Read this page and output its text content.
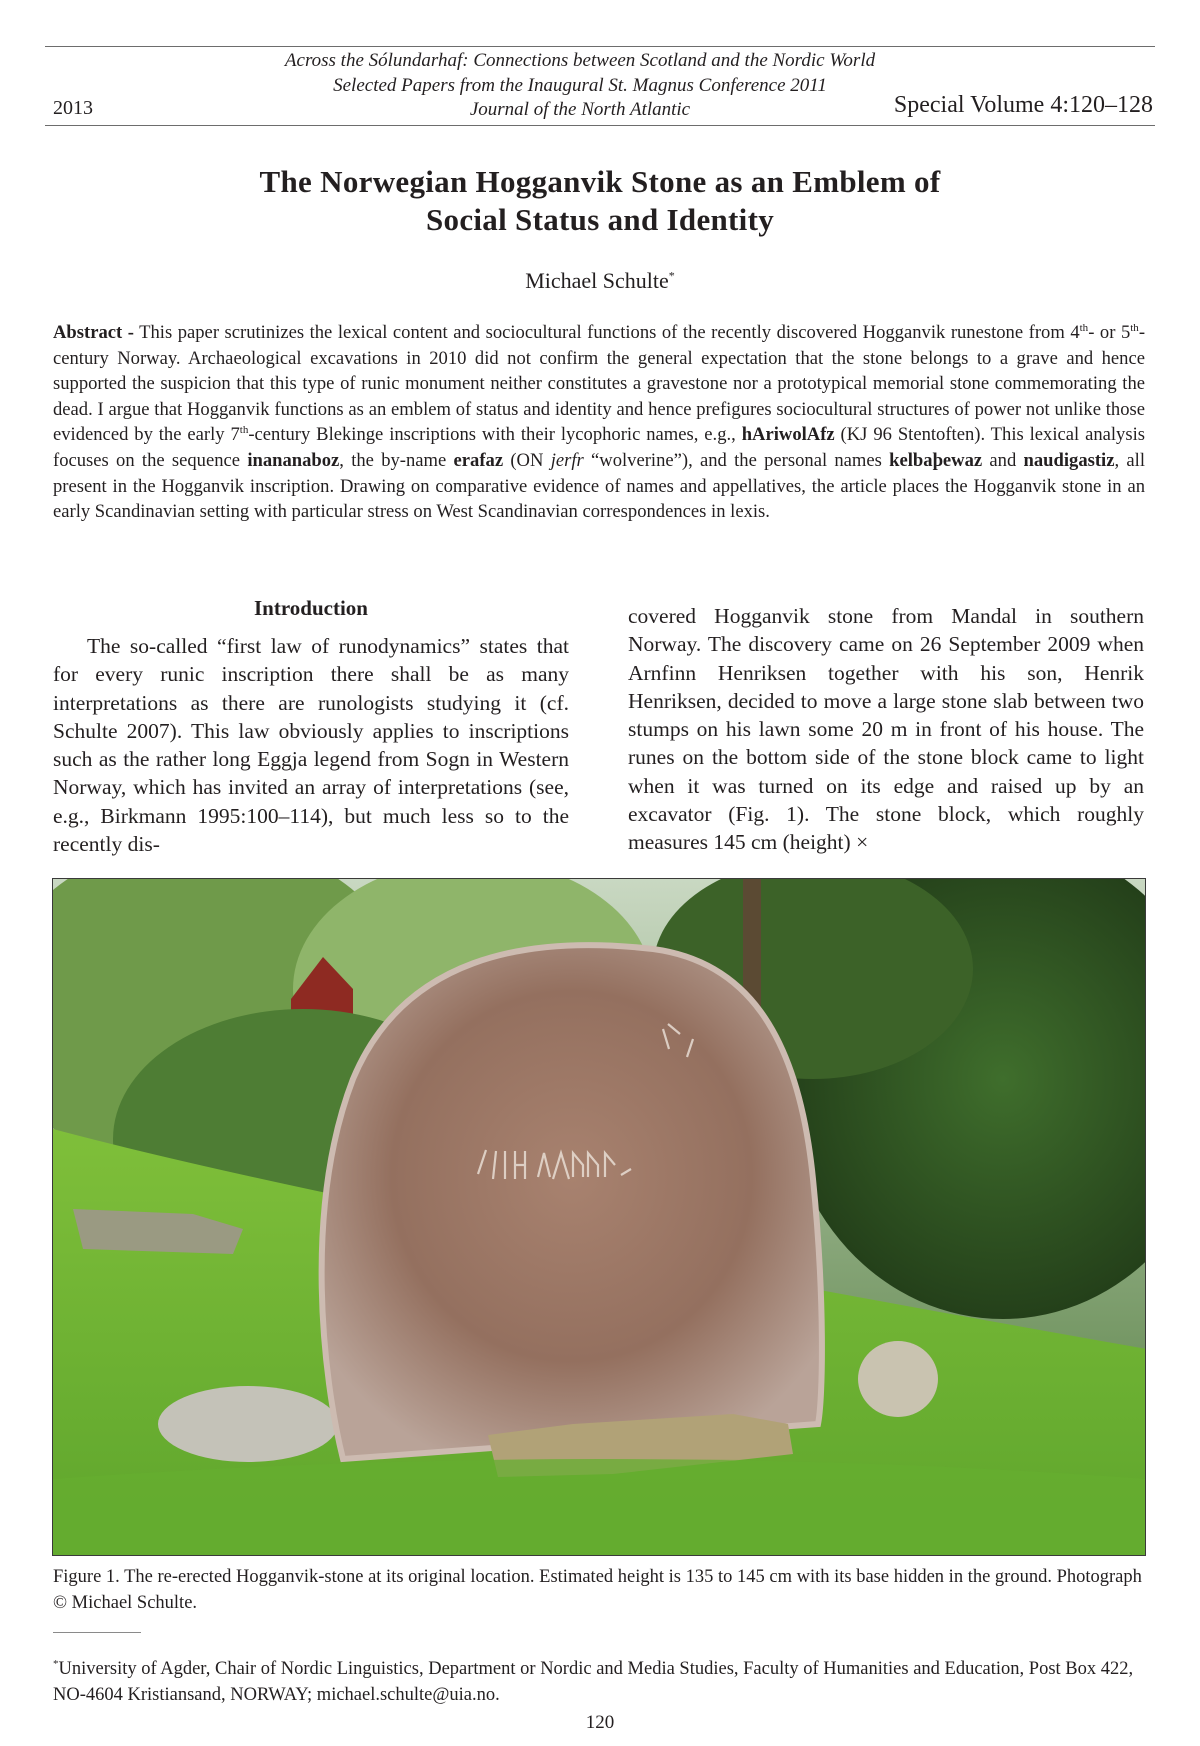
Across the Sólundarhaf: Connections between Scotland and the Nordic World
Selected Papers from the Inaugural St. Magnus Conference 2011
Journal of the North Atlantic
2013	Special Volume 4:120–128
The Norwegian Hogganvik Stone as an Emblem of
Social Status and Identity
Michael Schulte*
Abstract - This paper scrutinizes the lexical content and sociocultural functions of the recently discovered Hogganvik runestone from 4th- or 5th-century Norway. Archaeological excavations in 2010 did not confirm the general expectation that the stone belongs to a grave and hence supported the suspicion that this type of runic monument neither constitutes a gravestone nor a prototypical memorial stone commemorating the dead. I argue that Hogganvik functions as an emblem of status and identity and hence prefigures sociocultural structures of power not unlike those evidenced by the early 7th-century Blekinge inscriptions with their lycophoric names, e.g., hAriwolAfz (KJ 96 Stentoften). This lexical analysis focuses on the sequence inananaboz, the by-name erafaz (ON jerfr “wolverine”), and the personal names kelbaþewaz and naudigastiz, all present in the Hogganvik inscription. Drawing on comparative evidence of names and appellatives, the article places the Hogganvik stone in an early Scandinavian setting with particular stress on West Scandinavian correspondences in lexis.
Introduction
The so-called “first law of runodynamics” states that for every runic inscription there shall be as many interpretations as there are runologists studying it (cf. Schulte 2007). This law obviously applies to inscriptions such as the rather long Eggja legend from Sogn in Western Norway, which has invited an array of interpretations (see, e.g., Birkmann 1995:100–114), but much less so to the recently dis-
covered Hogganvik stone from Mandal in southern Norway. The discovery came on 26 September 2009 when Arnfinn Henriksen together with his son, Henrik Henriksen, decided to move a large stone slab between two stumps on his lawn some 20 m in front of his house. The runes on the bottom side of the stone block came to light when it was turned on its edge and raised up by an excavator (Fig. 1). The stone block, which roughly measures 145 cm (height) ×
Figure 1. The re-erected Hogganvik-stone at its original location. Estimated height is 135 to 145 cm with its base hidden in the ground. Photograph © Michael Schulte.
*University of Agder, Chair of Nordic Linguistics, Department or Nordic and Media Studies, Faculty of Humanities and Education, Post Box 422, NO-4604 Kristiansand, NORWAY; michael.schulte@uia.no.
120
